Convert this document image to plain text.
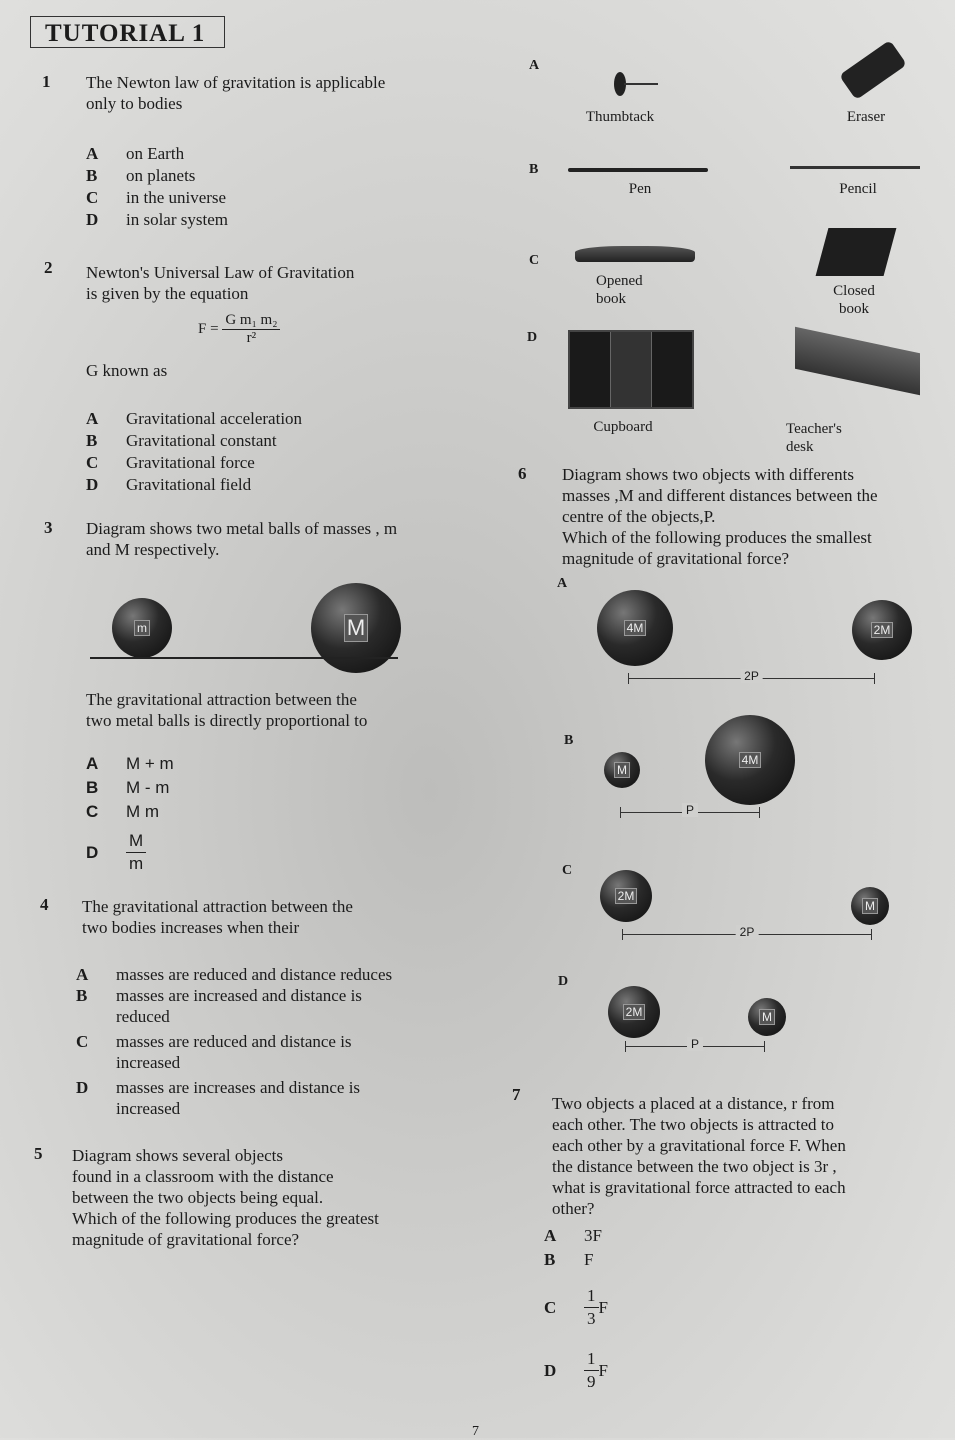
TUTORIAL 1
1 The Newton law of gravitation is applicable
only to bodies
A	on Earth
B	on planets
C	in the universe
D	in solar system
2 Newton's Universal Law of Gravitation
is given by the equation
$F = \frac{\text{G m₁ m₂}}{\text{r²}}$
G known as
A	Gravitational acceleration
B	Gravitational constant
C	Gravitational force
D	Gravitational field
3 Diagram shows two metal balls of masses , m
and M respectively.
m	M
The gravitational attraction between the
two metal balls is directly proportional to
A	M + m
B	M - m
C	M m
D	$\frac{M}{m}$
4 The gravitational attraction between the
two bodies increases when their
A	masses are reduced and distance reduces
B	masses are increased and distance is
reduced
C	masses are reduced and distance is
increased
D	masses are increases and distance is
increased
5 Diagram shows several objects
found in a classroom with the distance
between the two objects being equal.
Which of the following produces the greatest
magnitude of gravitational force?
A
Thumbtack	Eraser
B
Pen	Pencil
C
Opened book	Closed book
D
Cupboard	Teacher's desk
6 Diagram shows two objects with differents
masses ,M and different distances between the
centre of the objects,P.
Which of the following produces the smallest
magnitude of gravitational force?
A
4M	2M
2P
B
M
4M
P
C
2M
M
2P
D
2M	M
P
7 Two objects a placed at a distance, r from
each other. The two objects is attracted to
each other by a gravitational force F. When
the distance between the two object is 3r ,
what is gravitational force attracted to each
other?
A	3F
B	F
C	$\frac{1}{3}$ F
D	$\frac{1}{9}$ F
7
